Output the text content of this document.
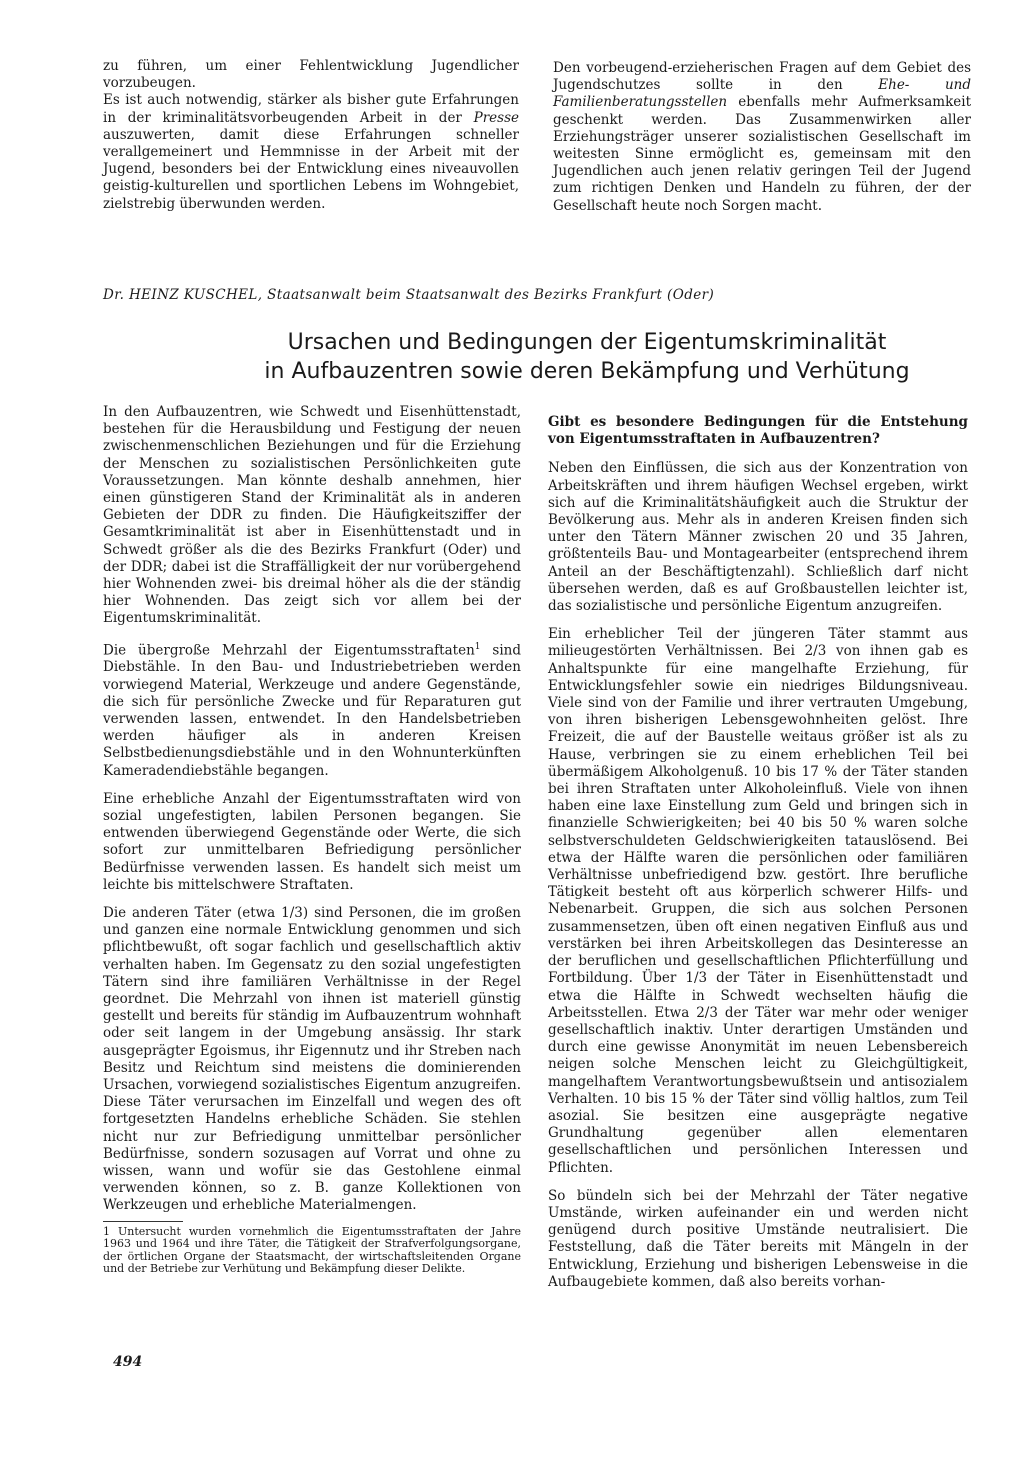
zu führen, um einer Fehlentwicklung Jugendlicher vorzubeugen.

Es ist auch notwendig, stärker als bisher gute Erfahrungen in der kriminalitätsvorbeugenden Arbeit in der Presse auszuwerten, damit diese Erfahrungen schneller verallgemeinert und Hemmnisse in der Arbeit mit der Jugend, besonders bei der Entwicklung eines niveauvollen geistig-kulturellen und sportlichen Lebens im Wohngebiet, zielstrebig überwunden werden.

Den vorbeugend-erzieherischen Fragen auf dem Gebiet des Jugendschutzes sollte in den Ehe- und Familienberatungsstellen ebenfalls mehr Aufmerksamkeit geschenkt werden. Das Zusammenwirken aller Erziehungsträger unserer sozialistischen Gesellschaft im weitesten Sinne ermöglicht es, gemeinsam mit den Jugendlichen auch jenen relativ geringen Teil der Jugend zum richtigen Denken und Handeln zu führen, der der Gesellschaft heute noch Sorgen macht.

Dr. HEINZ KUSCHEL, Staatsanwalt beim Staatsanwalt des Bezirks Frankfurt (Oder)
Ursachen und Bedingungen der Eigentumskriminalität
in Aufbauzentren sowie deren Bekämpfung und Verhütung

In den Aufbauzentren, wie Schwedt und Eisenhüttenstadt, bestehen für die Herausbildung und Festigung der neuen zwischenmenschlichen Beziehungen und für die Erziehung der Menschen zu sozialistischen Persönlichkeiten gute Voraussetzungen. Man könnte deshalb annehmen, hier einen günstigeren Stand der Kriminalität als in anderen Gebieten der DDR zu finden. Die Häufigkeitsziffer der Gesamtkriminalität ist aber in Eisenhüttenstadt und in Schwedt größer als die des Bezirks Frankfurt (Oder) und der DDR; dabei ist die Straffälligkeit der nur vorübergehend hier Wohnenden zwei- bis dreimal höher als die der ständig hier Wohnenden. Das zeigt sich vor allem bei der Eigentumskriminalität.

Die übergroße Mehrzahl der Eigentumsstraftaten$^1$ sind Diebstähle. In den Bau- und Industriebetrieben werden vorwiegend Material, Werkzeuge und andere Gegenstände, die sich für persönliche Zwecke und für Reparaturen gut verwenden lassen, entwendet. In den Handelsbetrieben werden häufiger als in anderen Kreisen Selbstbedienungsdiebstähle und in den Wohnunterkünften Kameradendiebstähle begangen.

Eine erhebliche Anzahl der Eigentumsstraftaten wird von sozial ungefestigten, labilen Personen begangen. Sie entwenden überwiegend Gegenstände oder Werte, die sich sofort zur unmittelbaren Befriedigung persönlicher Bedürfnisse verwenden lassen. Es handelt sich meist um leichte bis mittelschwere Straftaten.

Die anderen Täter (etwa 1/3) sind Personen, die im großen und ganzen eine normale Entwicklung genommen und sich pflichtbewußt, oft sogar fachlich und gesellschaftlich aktiv verhalten haben. Im Gegensatz zu den sozial ungefestigten Tätern sind ihre familiären Verhältnisse in der Regel geordnet. Die Mehrzahl von ihnen ist materiell günstig gestellt und bereits für ständig im Aufbauzentrum wohnhaft oder seit langem in der Umgebung ansässig. Ihr stark ausgeprägter Egoismus, ihr Eigennutz und ihr Streben nach Besitz und Reichtum sind meistens die dominierenden Ursachen, vorwiegend sozialistisches Eigentum anzugreifen. Diese Täter verursachen im Einzelfall und wegen des oft fortgesetzten Handelns erhebliche Schäden. Sie stehlen nicht nur zur Befriedigung unmittelbar persönlicher Bedürfnisse, sondern sozusagen auf Vorrat und ohne zu wissen, wann und wofür sie das Gestohlene einmal verwenden können, so z. B. ganze Kollektionen von Werkzeugen und erhebliche Materialmengen.

1 Untersucht wurden vornehmlich die Eigentumsstraftaten der Jahre 1963 und 1964 und ihre Täter, die Tätigkeit der Strafverfolgungsorgane, der örtlichen Organe der Staatsmacht, der wirtschaftsleitenden Organe und der Betriebe zur Verhütung und Bekämpfung dieser Delikte.

Gibt es besondere Bedingungen für die Entstehung von Eigentumsstraftaten in Aufbauzentren?

Neben den Einflüssen, die sich aus der Konzentration von Arbeitskräften und ihrem häufigen Wechsel ergeben, wirkt sich auf die Kriminalitätshäufigkeit auch die Struktur der Bevölkerung aus. Mehr als in anderen Kreisen finden sich unter den Tätern Männer zwischen 20 und 35 Jahren, größtenteils Bau- und Montagearbeiter (entsprechend ihrem Anteil an der Beschäftigtenzahl). Schließlich darf nicht übersehen werden, daß es auf Großbaustellen leichter ist, das sozialistische und persönliche Eigentum anzugreifen.

Ein erheblicher Teil der jüngeren Täter stammt aus milieugestörten Verhältnissen. Bei 2/3 von ihnen gab es Anhaltspunkte für eine mangelhafte Erziehung, für Entwicklungsfehler sowie ein niedriges Bildungsniveau. Viele sind von der Familie und ihrer vertrauten Umgebung, von ihren bisherigen Lebensgewohnheiten gelöst. Ihre Freizeit, die auf der Baustelle weitaus größer ist als zu Hause, verbringen sie zu einem erheblichen Teil bei übermäßigem Alkoholgenuß. 10 bis 17 % der Täter standen bei ihren Straftaten unter Alkoholeinfluß. Viele von ihnen haben eine laxe Einstellung zum Geld und bringen sich in finanzielle Schwierigkeiten; bei 40 bis 50 % waren solche selbstverschuldeten Geldschwierigkeiten tatauslösend. Bei etwa der Hälfte waren die persönlichen oder familiären Verhältnisse unbefriedigend bzw. gestört. Ihre berufliche Tätigkeit besteht oft aus körperlich schwerer Hilfs- und Nebenarbeit. Gruppen, die sich aus solchen Personen zusammensetzen, üben oft einen negativen Einfluß aus und verstärken bei ihren Arbeitskollegen das Desinteresse an der beruflichen und gesellschaftlichen Pflichterfüllung und Fortbildung. Über 1/3 der Täter in Eisenhüttenstadt und etwa die Hälfte in Schwedt wechselten häufig die Arbeitsstellen. Etwa 2/3 der Täter war mehr oder weniger gesellschaftlich inaktiv. Unter derartigen Umständen und durch eine gewisse Anonymität im neuen Lebensbereich neigen solche Menschen leicht zu Gleichgültigkeit, mangelhaftem Verantwortungsbewußtsein und antisozialem Verhalten. 10 bis 15 % der Täter sind völlig haltlos, zum Teil asozial. Sie besitzen eine ausgeprägte negative Grundhaltung gegenüber allen elementaren gesellschaftlichen und persönlichen Interessen und Pflichten.

So bündeln sich bei der Mehrzahl der Täter negative Umstände, wirken aufeinander ein und werden nicht genügend durch positive Umstände neutralisiert. Die Feststellung, daß die Täter bereits mit Mängeln in der Entwicklung, Erziehung und bisherigen Lebensweise in die Aufbaugebiete kommen, daß also bereits vorhan-

494
